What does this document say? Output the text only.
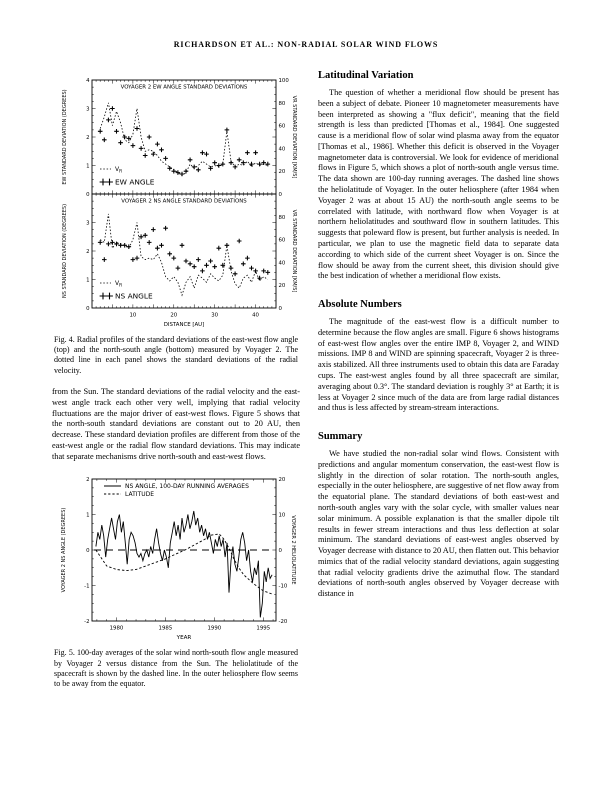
RICHARDSON ET AL.: NON-RADIAL SOLAR WIND FLOWS
0
1
2
3
4
0
20
40
60
80
100
VOYAGER 2 EW ANGLE STANDARD DEVIATIONS
$V_R$
EW ANGLE
EW STANDARD DEVIATION (DEGREES)	VR STANDARD DEVIATION [KM/S]
0
1
2
3
0
20
40
60
80
VOYAGER 2 NS ANGLE STANDARD DEVIATIONS
$V_R$
NS ANGLE
NS STANDARD DEVIATION (DEGREES)	VR STANDARD DEVIATION [KM/S]
10	20	30	40
DISTANCE [AU]
Fig. 4. Radial profiles of the standard deviations of the east-west flow angle (top) and the north-south angle (bottom) measured by Voyager 2. The dotted line in each panel shows the standard deviations of the radial velocity.

from the Sun. The standard deviations of the radial velocity and the east-west angle track each other very well, implying that radial velocity fluctuations are the major driver of east-west flows. Figure 5 shows that the north-south standard deviations are constant out to 20 AU, then decrease. These standard deviation profiles are different from those of the east-west angle or the radial flow standard deviations. This may indicate that separate mechanisms drive north-south and east-west flows.

-2
-1
0
1
2
-20
-10
0
10
20
NS ANGLE, 100-DAY RUNNING AVERAGES
LATITUDE
1980	1985	1990	1995
YEAR
VOYAGER 2 NS ANGLE (DEGREES)	VOYAGER 2 HELIOLATITUDE
Fig. 5. 100-day averages of the solar wind north-south flow angle measured by Voyager 2 versus distance from the Sun. The heliolatitude of the spacecraft is shown by the dashed line. In the outer heliosphere flow seems to be away from the equator.
Latitudinal Variation

The question of whether a meridional flow should be present has been a subject of debate. Pioneer 10 magnetometer measurements have been interpreted as showing a "flux deficit", meaning that the field strength is less than predicted [Thomas et al., 1984]. One suggested cause is a meridional flow of solar wind plasma away from the equator [Thomas et al., 1986]. Whether this deficit is observed in the Voyager magnetometer data is controversial. We look for evidence of meridional flows in Figure 5, which shows a plot of north-south angle versus time. The data shown are 100-day running averages. The dashed line shows the heliolatitude of Voyager. In the outer heliosphere (after 1984 when Voyager 2 was at about 15 AU) the north-south angle seems to be correlated with latitude, with northward flow when Voyager is at northern heliolatitudes and southward flow in southern latitudes. This suggests that poleward flow is present, but further analysis is needed. In particular, we plan to use the magnetic field data to separate data according to which side of the current sheet Voyager is on. Since the flow should be away from the current sheet, this division should give the best indication of whether a meridional flow exists.

Absolute Numbers

The magnitude of the east-west flow is a difficult number to determine because the flow angles are small. Figure 6 shows histograms of east-west flow angles over the entire IMP 8, Voyager 2, and WIND missions. IMP 8 and WIND are spinning spacecraft, Voyager 2 is three-axis stabilized. All three instruments used to obtain this data are Faraday cups. The east-west angles found by all three spacecraft are similar, averaging about 0.3°. The standard deviation is roughly 3° at Earth; it is less at Voyager 2 since much of the data are from large radial distances and thus is less affected by stream-stream interactions.

Summary

We have studied the non-radial solar wind flows. Consistent with predictions and angular momentum conservation, the east-west flow is slightly in the direction of solar rotation. The north-south angles, especially in the outer heliosphere, are suggestive of net flow away from the equatorial plane. The standard deviations of both east-west and north-south angles vary with the solar cycle, with smaller values near solar minimum. A possible explanation is that the smaller dipole tilt results in fewer stream interactions and thus less deflection at solar minimum. The standard deviations of east-west angles observed by Voyager decrease with distance to 20 AU, then flatten out. This behavior mimics that of the radial velocity standard deviations, again suggesting that radial velocity gradients drive the azimuthal flow. The standard deviations of north-south angles observed by Voyager decrease with distance in
